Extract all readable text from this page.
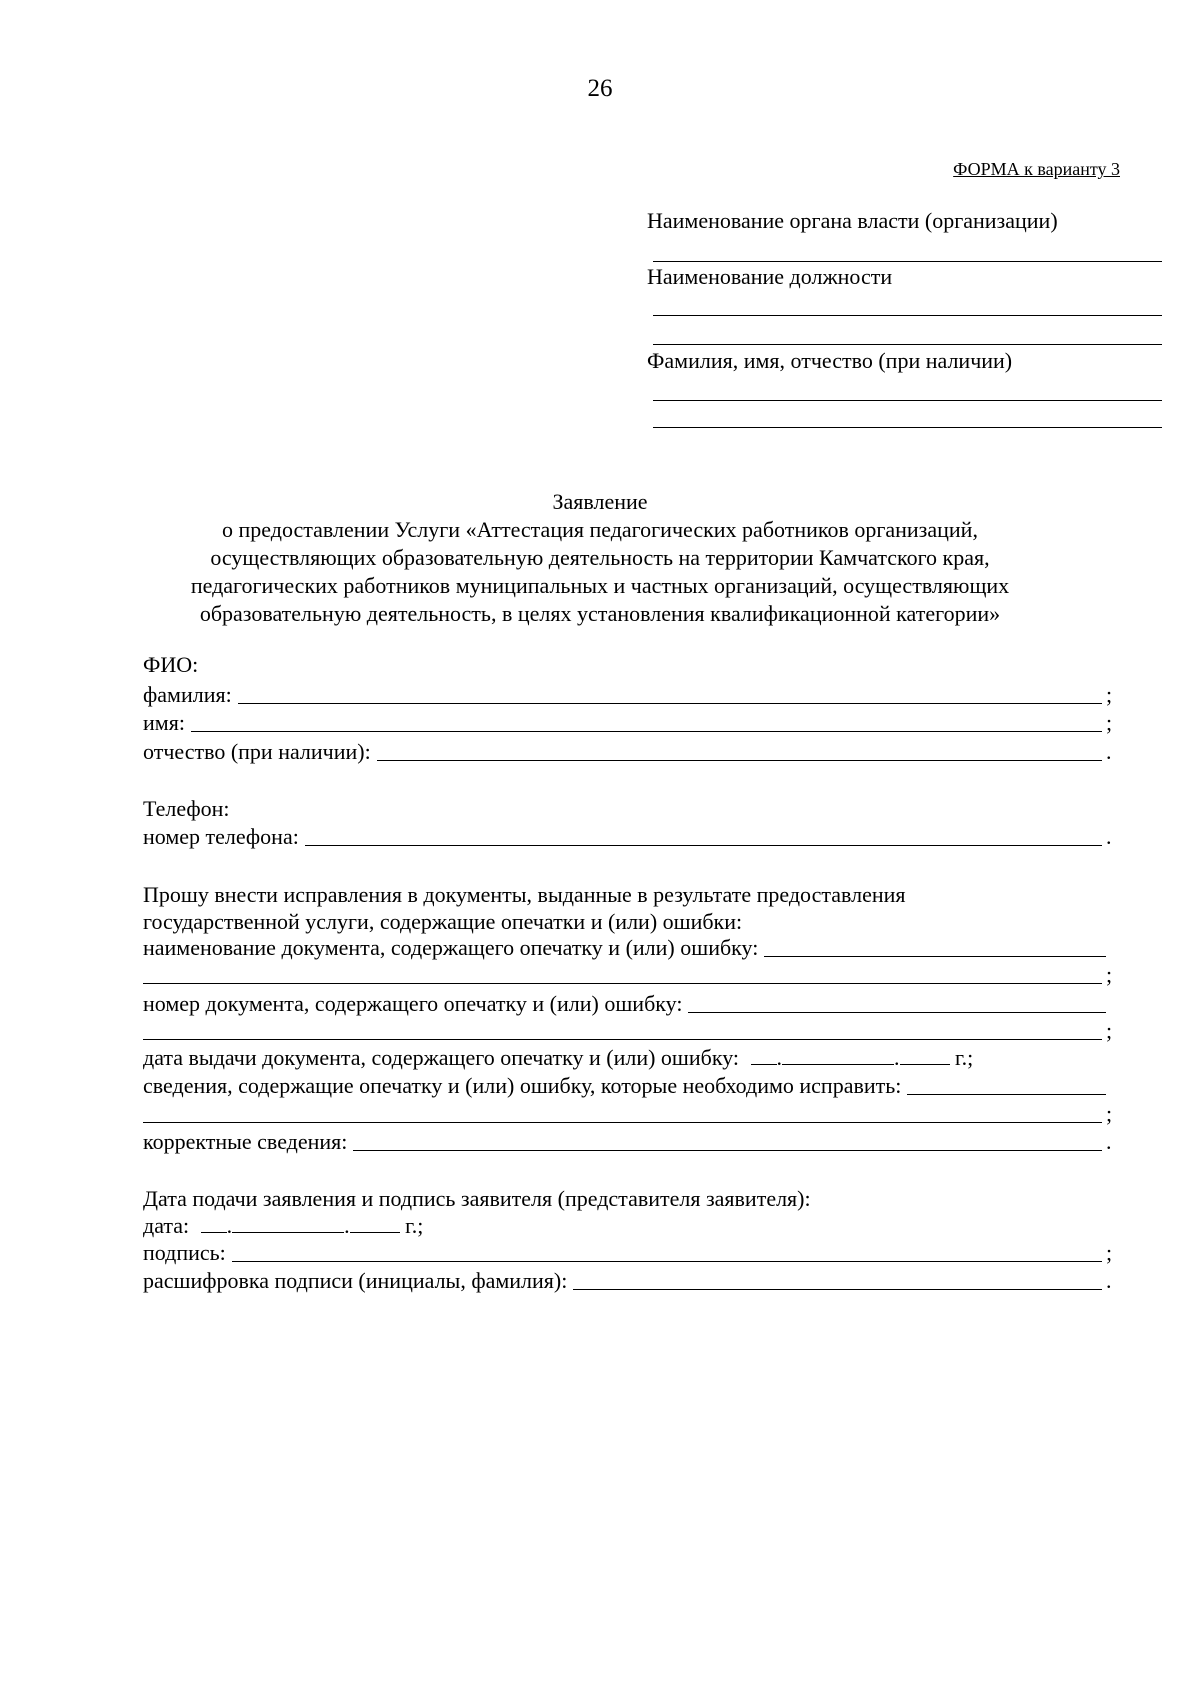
26
ФОРМА к варианту 3
Наименование органа власти (организации)
Наименование должности
Фамилия, имя, отчество (при наличии)
Заявление
о предоставлении Услуги «Аттестация педагогических работников организаций,
осуществляющих образовательную деятельность на территории Камчатского края,
педагогических работников муниципальных и частных организаций, осуществляющих
образовательную деятельность, в целях установления квалификационной категории»
ФИО:
фамилия:	;
имя:	;
отчество (при наличии):	.
Телефон:
номер телефона:	.
Прошу внести исправления в документы, выданные в результате предоставления
государственной услуги, содержащие опечатки и (или) ошибки:
наименование документа, содержащего опечатку и (или) ошибку:
;
номер документа, содержащего опечатку и (или) ошибку:
;
дата выдачи документа, содержащего опечатку и (или) ошибку: .	.	г.;
сведения, содержащие опечатку и (или) ошибку, которые необходимо исправить:
;
корректные сведения:	.
Дата подачи заявления и подпись заявителя (представителя заявителя):
дата: .	.	г.;
подпись:	;
расшифровка подписи (инициалы, фамилия):	.
